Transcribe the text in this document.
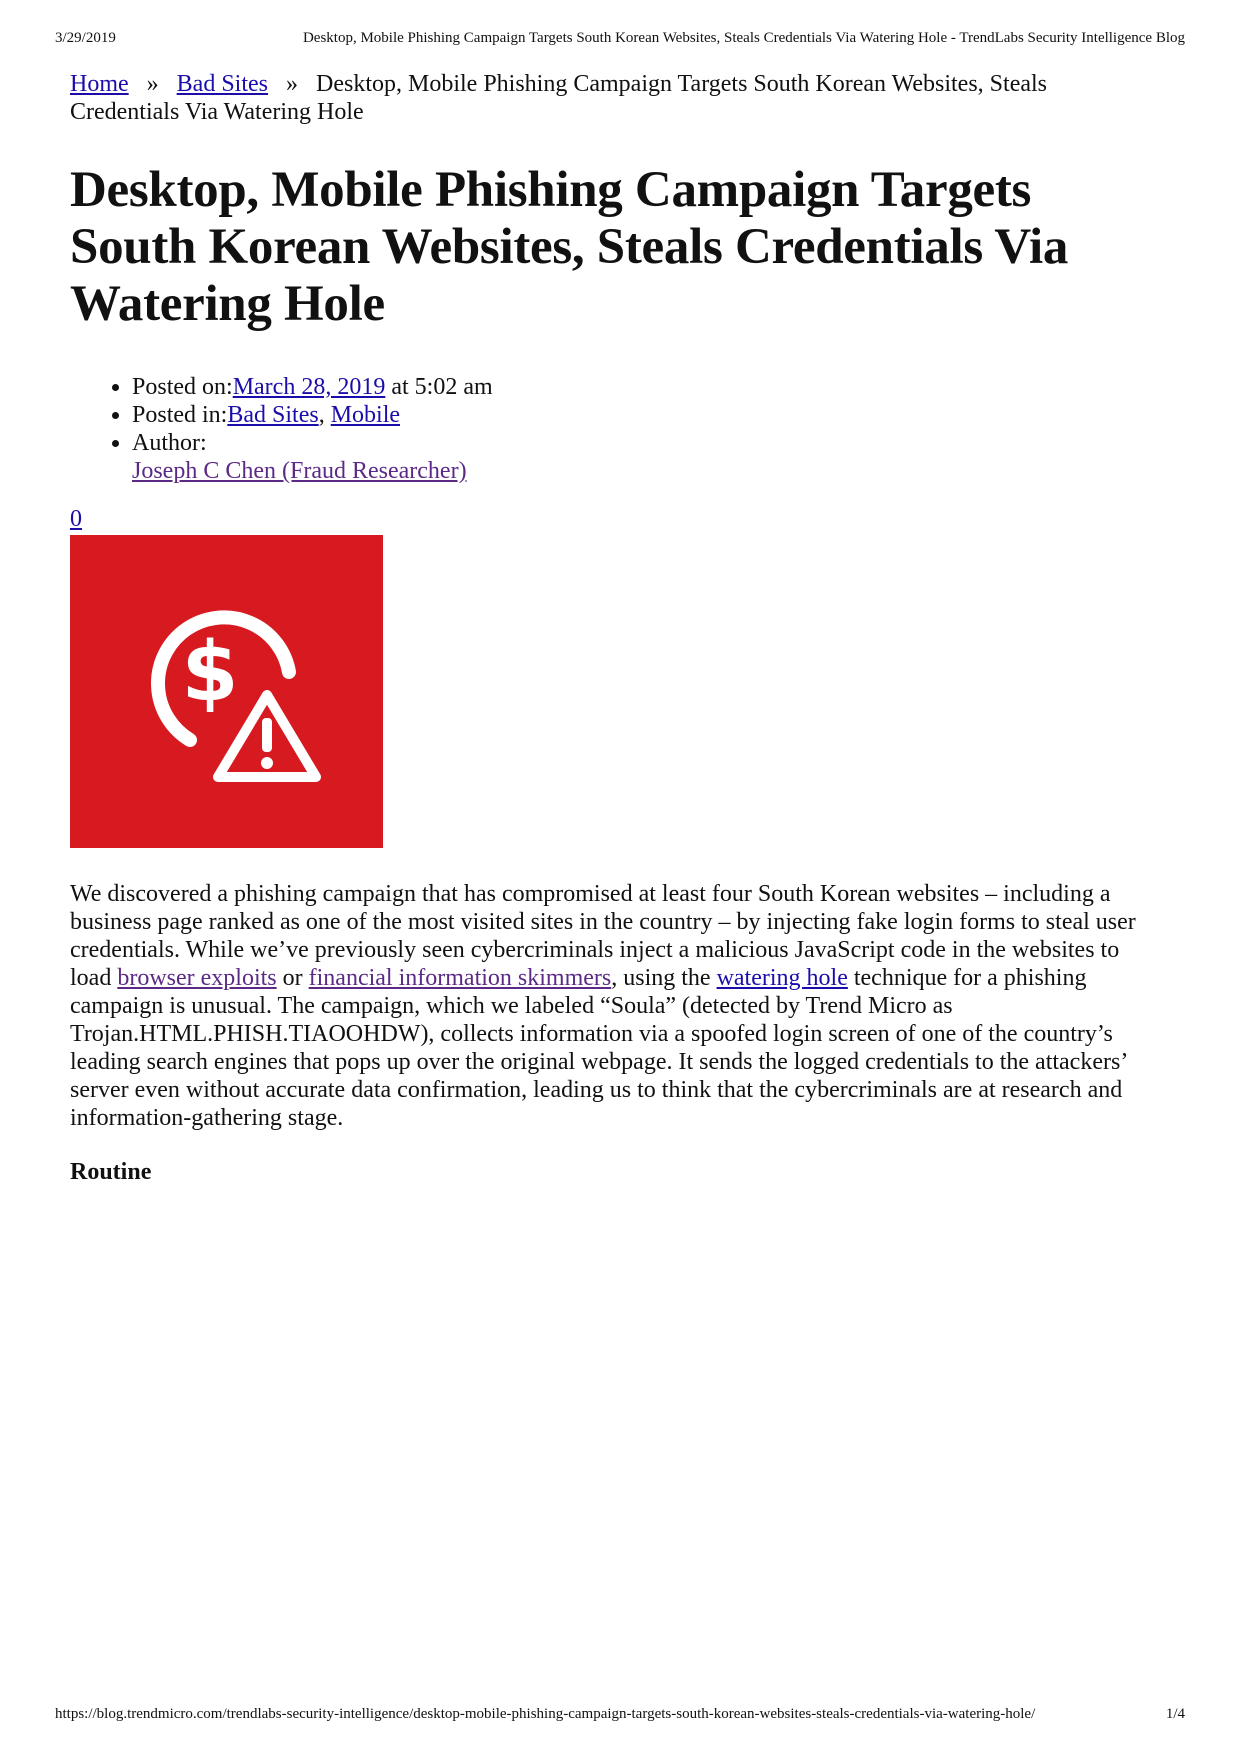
3/29/2019	Desktop, Mobile Phishing Campaign Targets South Korean Websites, Steals Credentials Via Watering Hole - TrendLabs Security Intelligence Blog

Home » Bad Sites » Desktop, Mobile Phishing Campaign Targets South Korean Websites, Steals Credentials Via Watering Hole

Desktop, Mobile Phishing Campaign Targets South Korean Websites, Steals Credentials Via Watering Hole
• Posted on:March 28, 2019 at 5:02 am
• Posted in:Bad Sites, Mobile
• Author:
Joseph C Chen (Fraud Researcher)
0
$

We discovered a phishing campaign that has compromised at least four South Korean websites – including a business page ranked as one of the most visited sites in the country – by injecting fake login forms to steal user credentials. While we’ve previously seen cybercriminals inject a malicious JavaScript code in the websites to load browser exploits or financial information skimmers, using the watering hole technique for a phishing campaign is unusual. The campaign, which we labeled “Soula” (detected by Trend Micro as Trojan.HTML.PHISH.TIAOOHDW), collects information via a spoofed login screen of one of the country’s leading search engines that pops up over the original webpage. It sends the logged credentials to the attackers’ server even without accurate data confirmation, leading us to think that the cybercriminals are at research and information-gathering stage.

Routine
https://blog.trendmicro.com/trendlabs-security-intelligence/desktop-mobile-phishing-campaign-targets-south-korean-websites-steals-credentials-via-watering-hole/	1/4
